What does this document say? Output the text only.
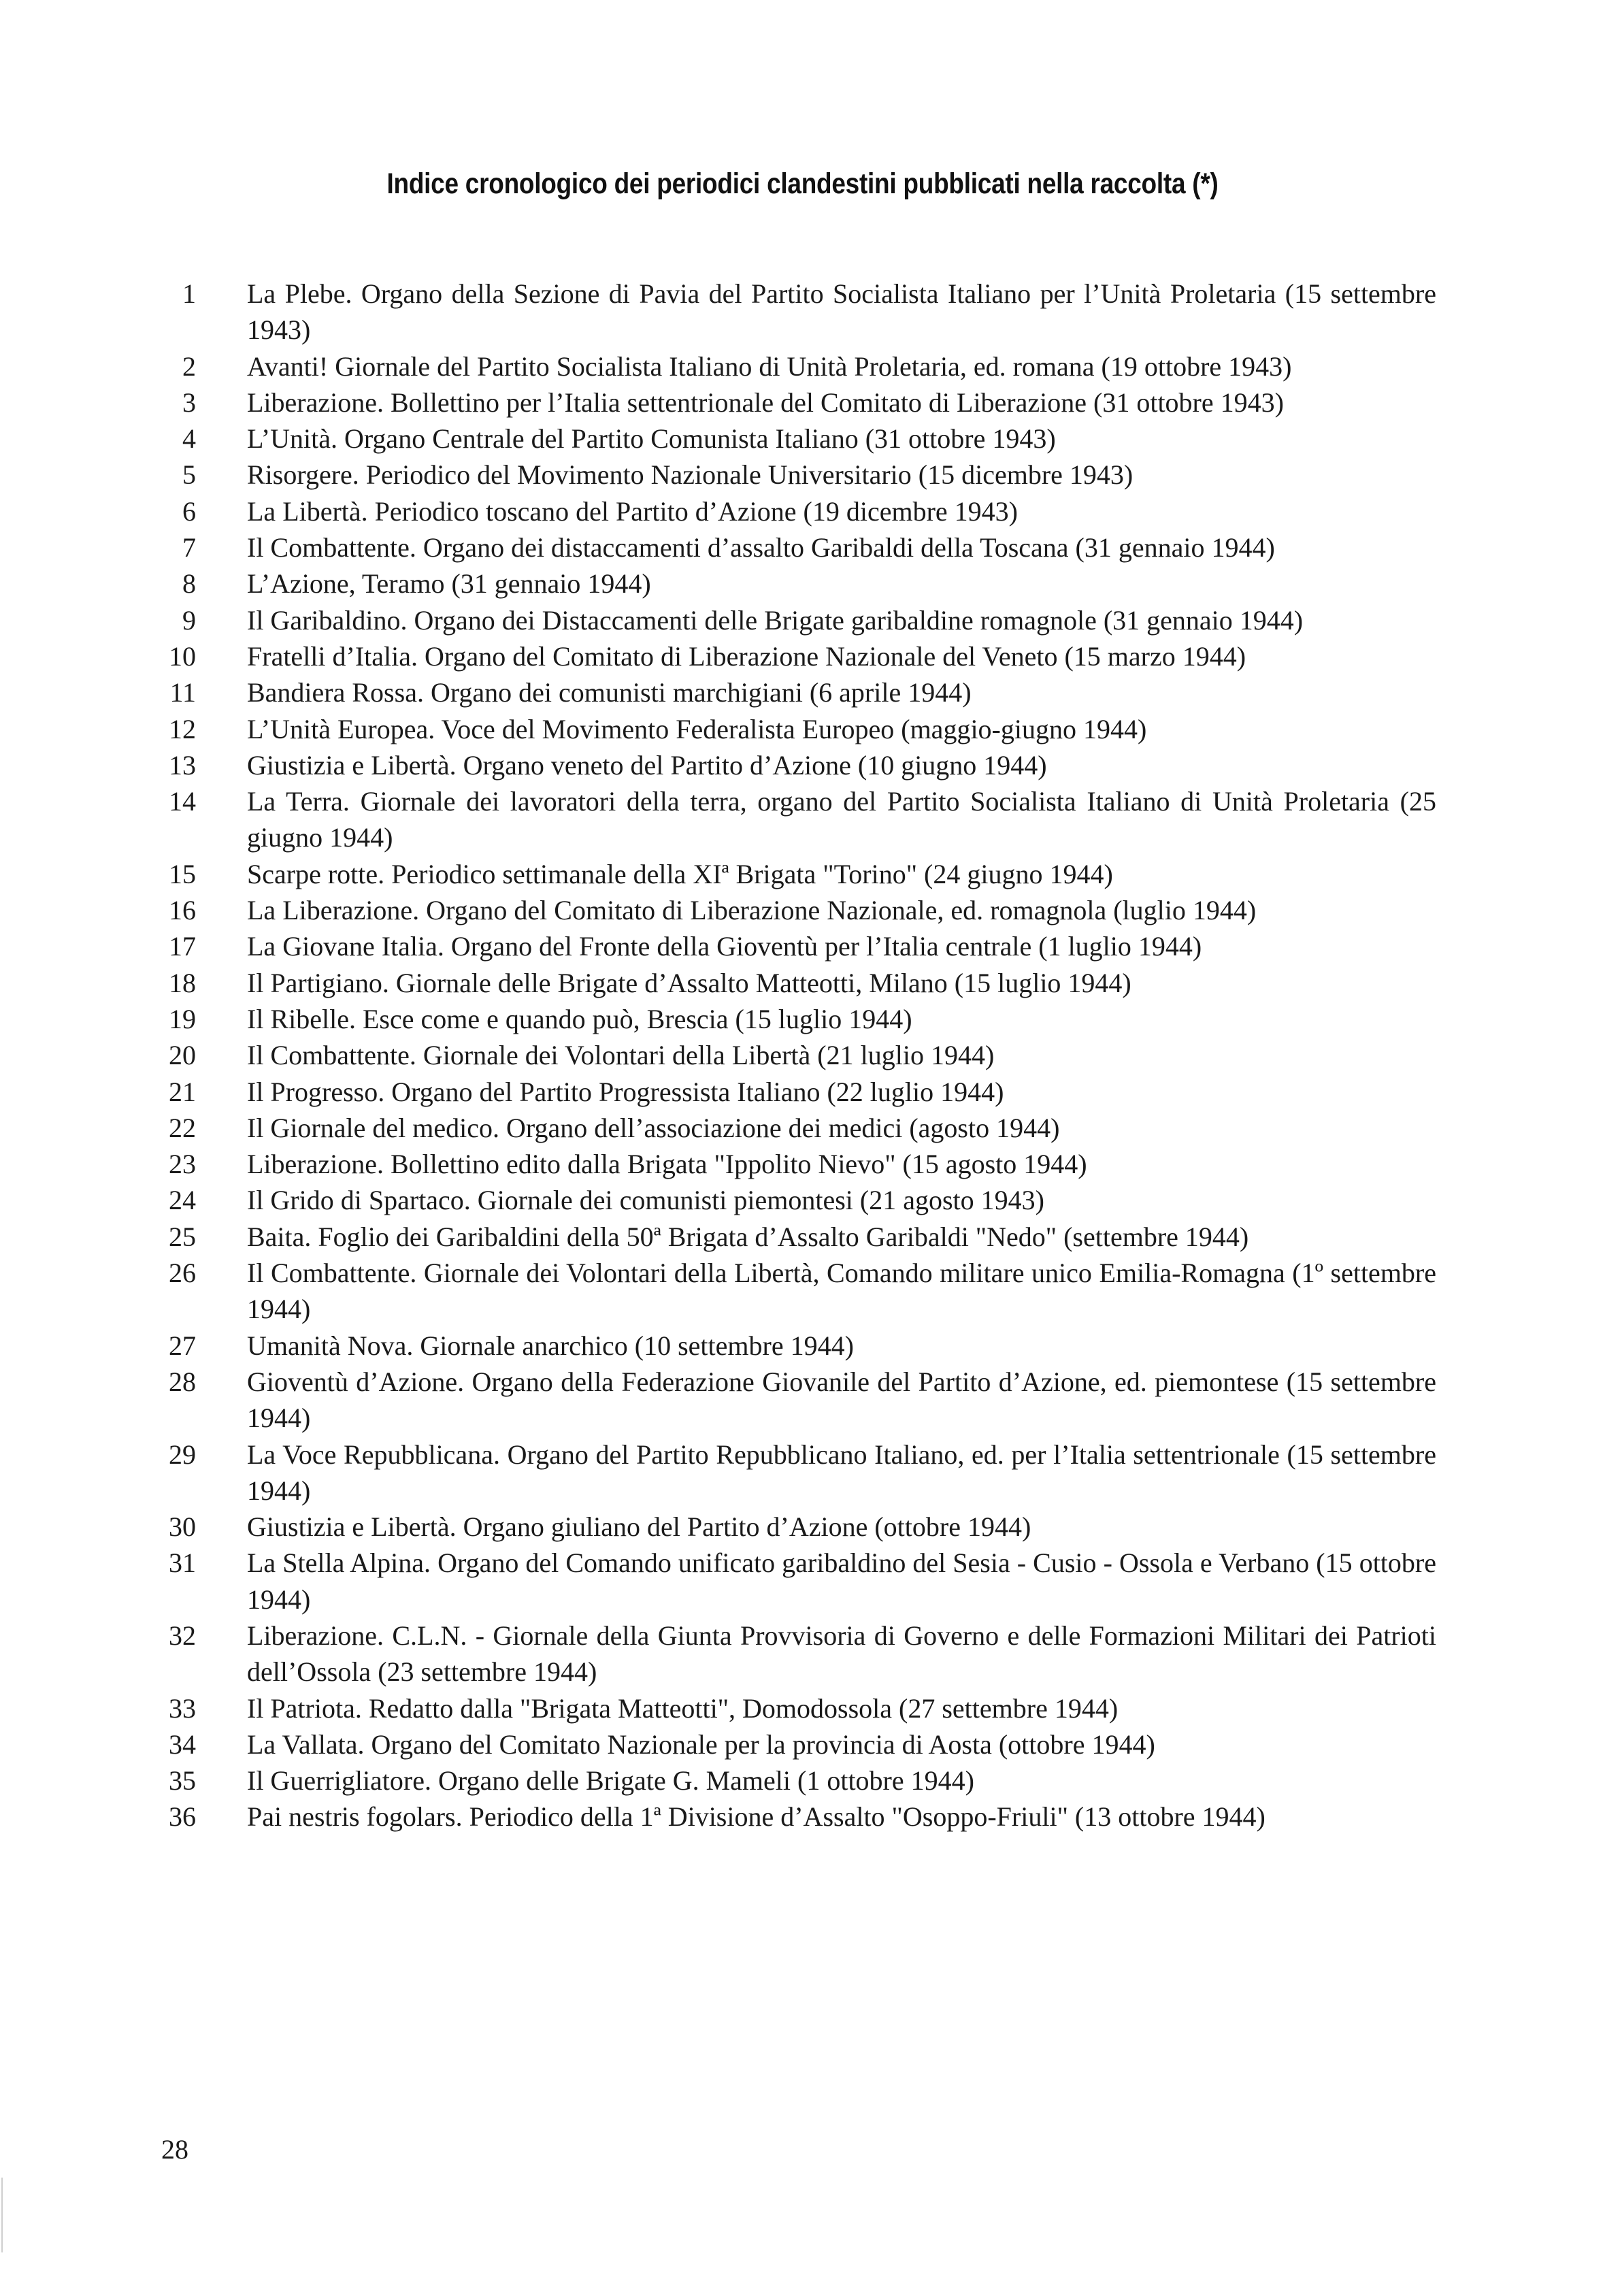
Indice cronologico dei periodici clandestini pubblicati nella raccolta (*)
1 La Plebe. Organo della Sezione di Pavia del Partito Socialista Italiano per l’Unità Proletaria (15 settembre 1943)
2 Avanti! Giornale del Partito Socialista Italiano di Unità Proletaria, ed. romana (19 ottobre 1943)
3 Liberazione. Bollettino per l’Italia settentrionale del Comitato di Liberazione (31 ottobre 1943)
4 L’Unità. Organo Centrale del Partito Comunista Italiano (31 ottobre 1943)
5 Risorgere. Periodico del Movimento Nazionale Universitario (15 dicembre 1943)
6 La Libertà. Periodico toscano del Partito d’Azione (19 dicembre 1943)
7 Il Combattente. Organo dei distaccamenti d’assalto Garibaldi della Toscana (31 gennaio 1944)
8 L’Azione, Teramo (31 gennaio 1944)
9 Il Garibaldino. Organo dei Distaccamenti delle Brigate garibaldine romagnole (31 gennaio 1944)
10 Fratelli d’Italia. Organo del Comitato di Liberazione Nazionale del Veneto (15 marzo 1944)
11 Bandiera Rossa. Organo dei comunisti marchigiani (6 aprile 1944)
12 L’Unità Europea. Voce del Movimento Federalista Europeo (maggio-giugno 1944)
13 Giustizia e Libertà. Organo veneto del Partito d’Azione (10 giugno 1944)
14 La Terra. Giornale dei lavoratori della terra, organo del Partito Socialista Italiano di Unità Proletaria (25 giugno 1944)
15 Scarpe rotte. Periodico settimanale della XIª Brigata "Torino" (24 giugno 1944)
16 La Liberazione. Organo del Comitato di Liberazione Nazionale, ed. romagnola (luglio 1944)
17 La Giovane Italia. Organo del Fronte della Gioventù per l’Italia centrale (1 luglio 1944)
18 Il Partigiano. Giornale delle Brigate d’Assalto Matteotti, Milano (15 luglio 1944)
19 Il Ribelle. Esce come e quando può, Brescia (15 luglio 1944)
20 Il Combattente. Giornale dei Volontari della Libertà (21 luglio 1944)
21 Il Progresso. Organo del Partito Progressista Italiano (22 luglio 1944)
22 Il Giornale del medico. Organo dell’associazione dei medici (agosto 1944)
23 Liberazione. Bollettino edito dalla Brigata "Ippolito Nievo" (15 agosto 1944)
24 Il Grido di Spartaco. Giornale dei comunisti piemontesi (21 agosto 1943)
25 Baita. Foglio dei Garibaldini della 50ª Brigata d’Assalto Garibaldi "Nedo" (settembre 1944)
26 Il Combattente. Giornale dei Volontari della Libertà, Comando militare unico Emilia-Romagna (1º settembre 1944)
27 Umanità Nova. Giornale anarchico (10 settembre 1944)
28 Gioventù d’Azione. Organo della Federazione Giovanile del Partito d’Azione, ed. piemontese (15 settembre 1944)
29 La Voce Repubblicana. Organo del Partito Repubblicano Italiano, ed. per l’Italia settentrionale (15 settembre 1944)
30 Giustizia e Libertà. Organo giuliano del Partito d’Azione (ottobre 1944)
31 La Stella Alpina. Organo del Comando unificato garibaldino del Sesia - Cusio - Ossola e Verbano (15 ottobre 1944)
32 Liberazione. C.L.N. - Giornale della Giunta Provvisoria di Governo e delle Formazioni Militari dei Patrioti dell’Ossola (23 settembre 1944)
33 Il Patriota. Redatto dalla "Brigata Matteotti", Domodossola (27 settembre 1944)
34 La Vallata. Organo del Comitato Nazionale per la provincia di Aosta (ottobre 1944)
35 Il Guerrigliatore. Organo delle Brigate G. Mameli (1 ottobre 1944)
36 Pai nestris fogolars. Periodico della 1ª Divisione d’Assalto "Osoppo-Friuli" (13 ottobre 1944)
28
